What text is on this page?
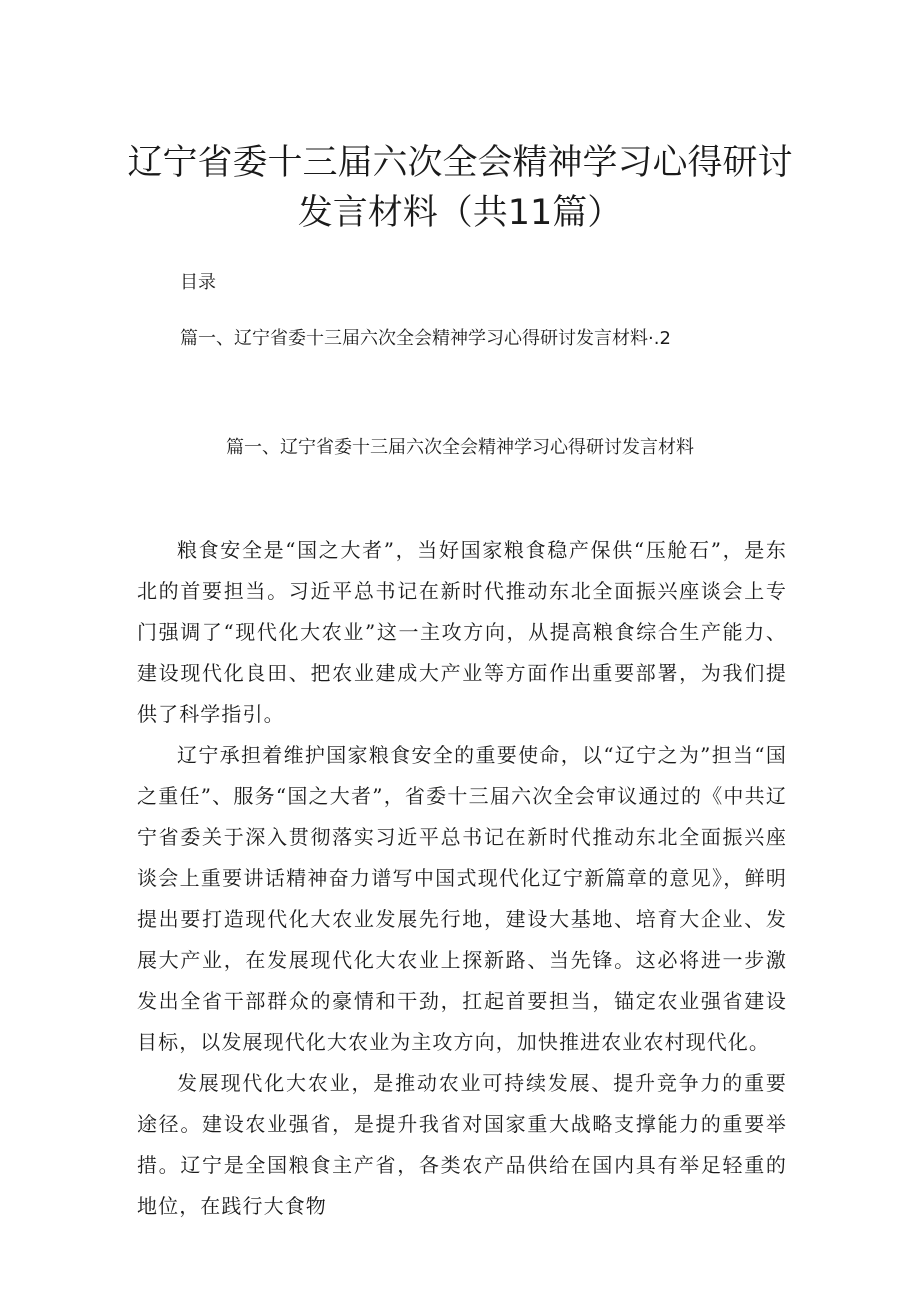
辽宁省委十三届六次全会精神学习心得研讨发言材料（共11篇）
目录
篇一、辽宁省委十三届六次全会精神学习心得研讨发言材料·.2
篇一、辽宁省委十三届六次全会精神学习心得研讨发言材料

粮食安全是“国之大者”，当好国家粮食稳产保供“压舱石”，是东北的首要担当。习近平总书记在新时代推动东北全面振兴座谈会上专门强调了“现代化大农业”这一主攻方向，从提高粮食综合生产能力、建设现代化良田、把农业建成大产业等方面作出重要部署，为我们提供了科学指引。

辽宁承担着维护国家粮食安全的重要使命，以“辽宁之为”担当“国之重任”、服务“国之大者”，省委十三届六次全会审议通过的《中共辽宁省委关于深入贯彻落实习近平总书记在新时代推动东北全面振兴座谈会上重要讲话精神奋力谱写中国式现代化辽宁新篇章的意见》，鲜明提出要打造现代化大农业发展先行地，建设大基地、培育大企业、发展大产业，在发展现代化大农业上探新路、当先锋。这必将进一步激发出全省干部群众的豪情和干劲，扛起首要担当，锚定农业强省建设目标，以发展现代化大农业为主攻方向，加快推进农业农村现代化。

发展现代化大农业，是推动农业可持续发展、提升竞争力的重要途径。建设农业强省，是提升我省对国家重大战略支撑能力的重要举措。辽宁是全国粮食主产省，各类农产品供给在国内具有举足轻重的地位，在践行大食物
